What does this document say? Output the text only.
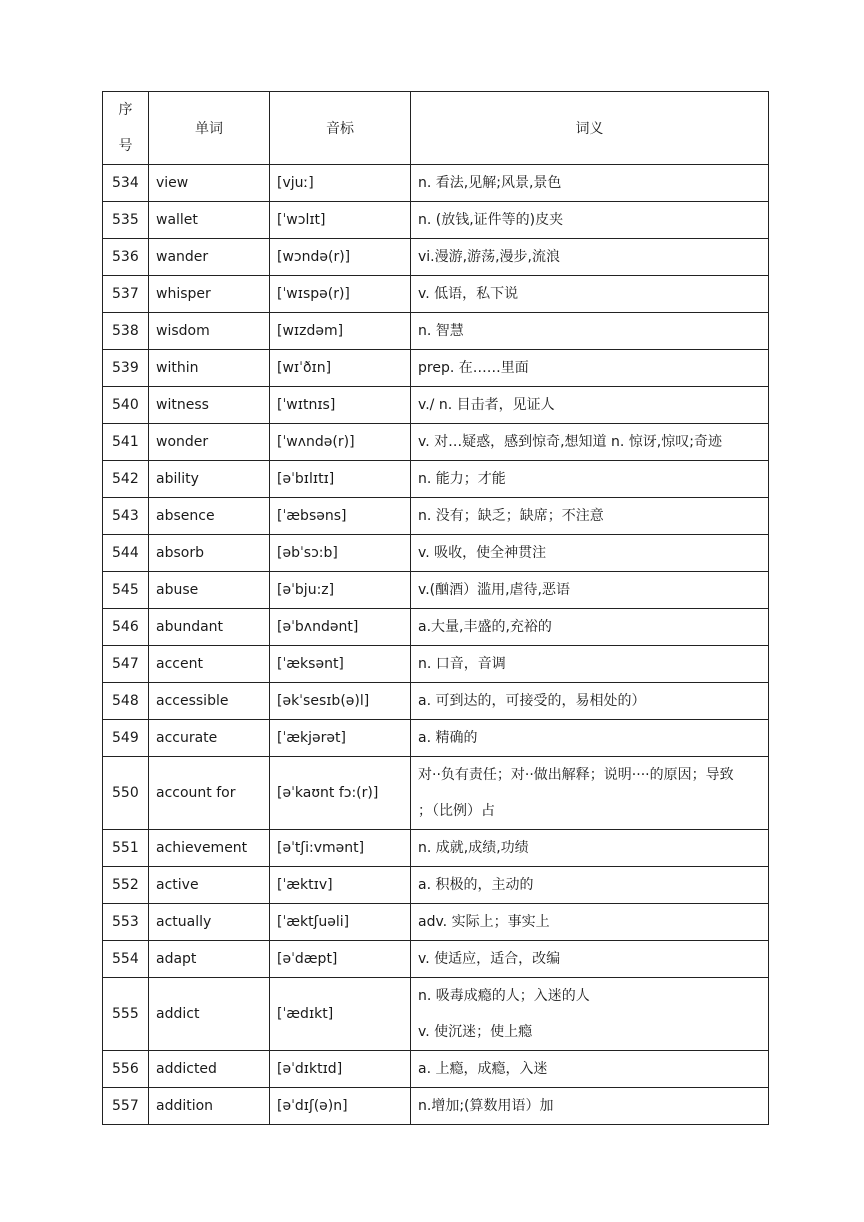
序
号	单词	音标	词义
534	view	[vjuː]	n. 看法,见解;风景,景色

535	wallet	[ˈwɔlɪt]	n. (放钱,证件等的)皮夹

536	wander	[wɔndə(r)]	vi.漫游,游荡,漫步,流浪

537	whisper	[ˈwɪspə(r)]	v. 低语，私下说

538	wisdom	[wɪzdəm]	n. 智慧

539	within	[wɪˈðɪn]	prep. 在……里面

540	witness	[ˈwɪtnɪs]	v./ n. 目击者，见证人

541	wonder	[ˈwʌndə(r)]	v. 对…疑惑，感到惊奇,想知道 n. 惊讶,惊叹;奇迹

542	ability	[əˈbɪlɪtɪ]	n. 能力；才能

543	absence	[ˈæbsəns]	n. 没有；缺乏；缺席；不注意

544	absorb	[əbˈsɔ:b]	v. 吸收，使全神贯注

545	abuse	[əˈbju:z]	v.(酗酒）滥用,虐待,恶语

546	abundant	[əˈbʌndənt]	a.大量,丰盛的,充裕的

547	accent	[ˈæksənt]	n. 口音，音调

548	accessible	[əkˈsesɪb(ə)l]	a. 可到达的，可接受的，易相处的）

549	accurate	[ˈækjərət]	a. 精确的

550	account for	[əˈkaʊnt fɔ:(r)]	对··负有责任；对··做出解释；说明····的原因；导致
；（比例）占

551	achievement	[əˈtʃi:vmənt]	n. 成就,成绩,功绩

552	active	[ˈæktɪv]	a. 积极的，主动的

553	actually	[ˈæktʃuəli]	adv. 实际上；事实上

554	adapt	[əˈdæpt]	v. 使适应，适合，改编

555	addict	[ˈædɪkt]	n. 吸毒成瘾的人；入迷的人
v. 使沉迷；使上瘾

556	addicted	[əˈdɪktɪd]	a. 上瘾，成瘾，入迷

557	addition	[əˈdɪʃ(ə)n]	n.增加;(算数用语）加
